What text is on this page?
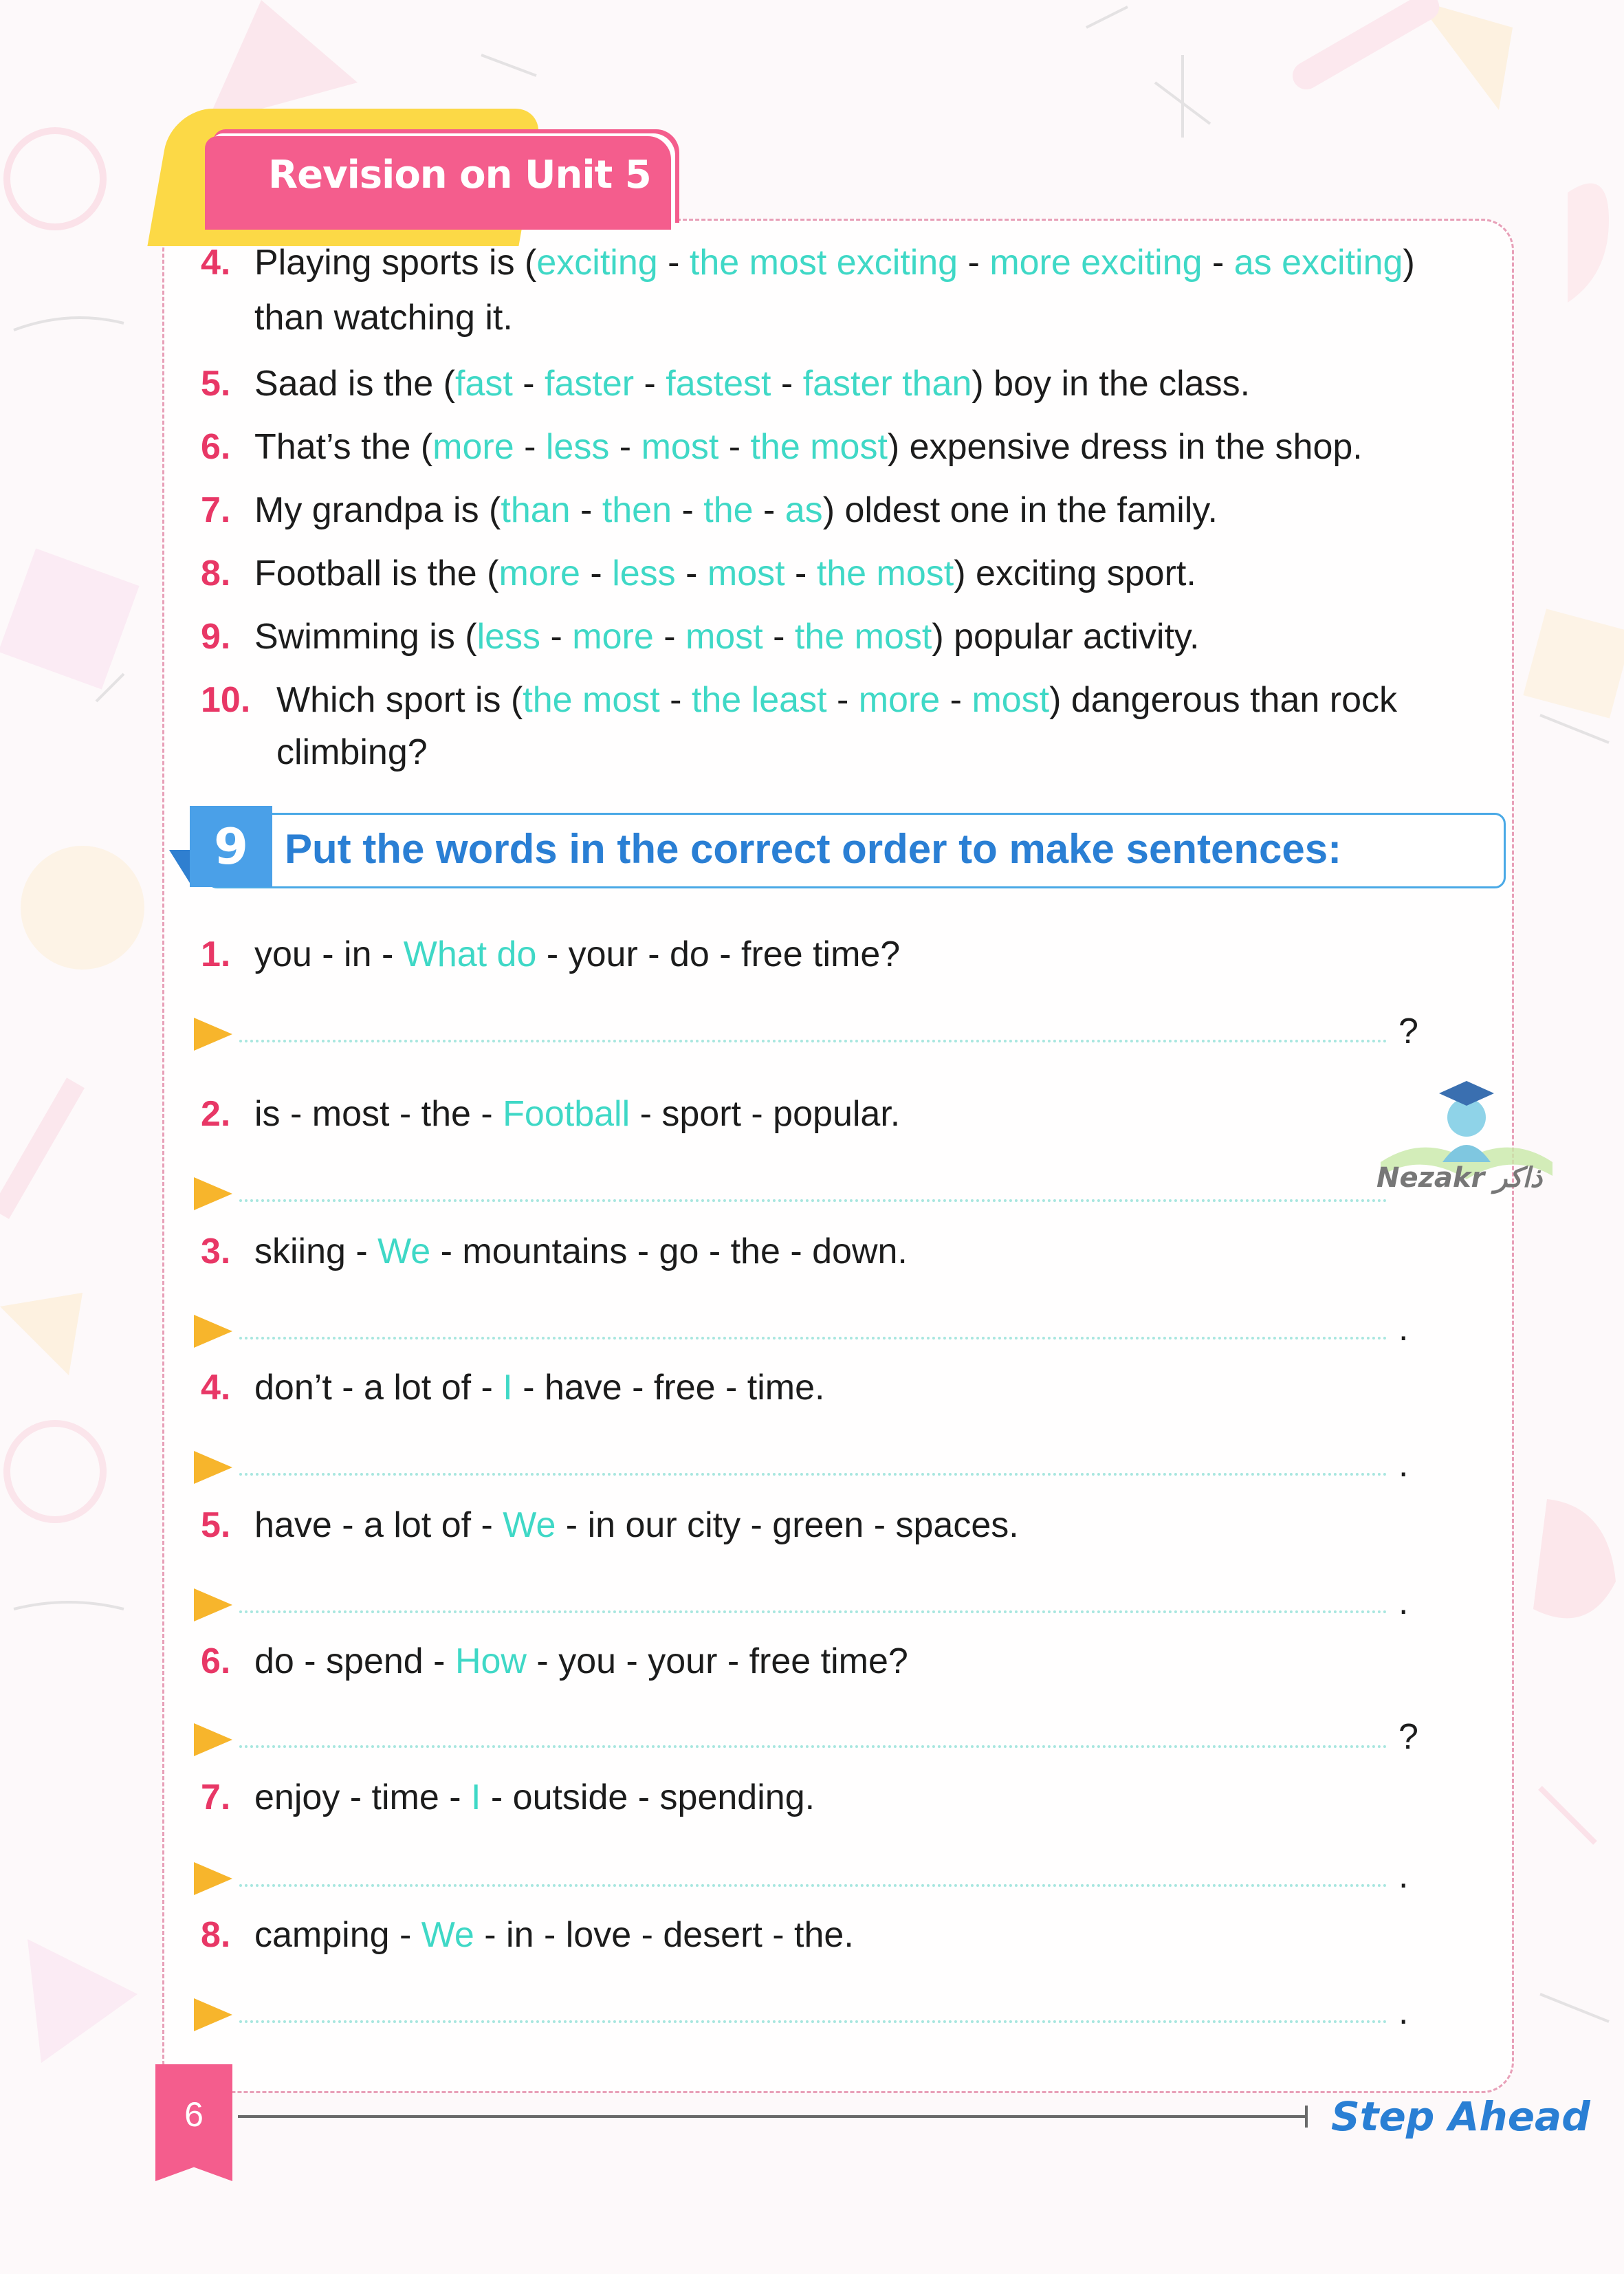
Revision on Unit 5
4. Playing sports is (exciting - the most exciting - more exciting - as exciting)
than watching it.
5. Saad is the (fast - faster - fastest - faster than) boy in the class.
6. That’s the (more - less - most - the most) expensive dress in the shop.
7. My grandpa is (than - then - the - as) oldest one in the family.
8. Football is the (more - less - most - the most) exciting sport.
9. Swimming is (less - more - most - the most) popular activity.
10. Which sport is (the most - the least - more - most) dangerous than rock
climbing?
9 Put the words in the correct order to make sentences:
1. you - in - What do - your - do - free time?
?
2. is - most - the - Football - sport - popular.
3. skiing - We - mountains - go - the - down.
.
4. don’t - a lot of - I - have - free - time.
.
5. have - a lot of - We - in our city - green - spaces.
.
6. do - spend - How - you - your - free time?
?
7. enjoy - time - I - outside - spending.
.
8. camping - We - in - love - desert - the.
.
Nezakr ذاكر
6	Step Ahead
